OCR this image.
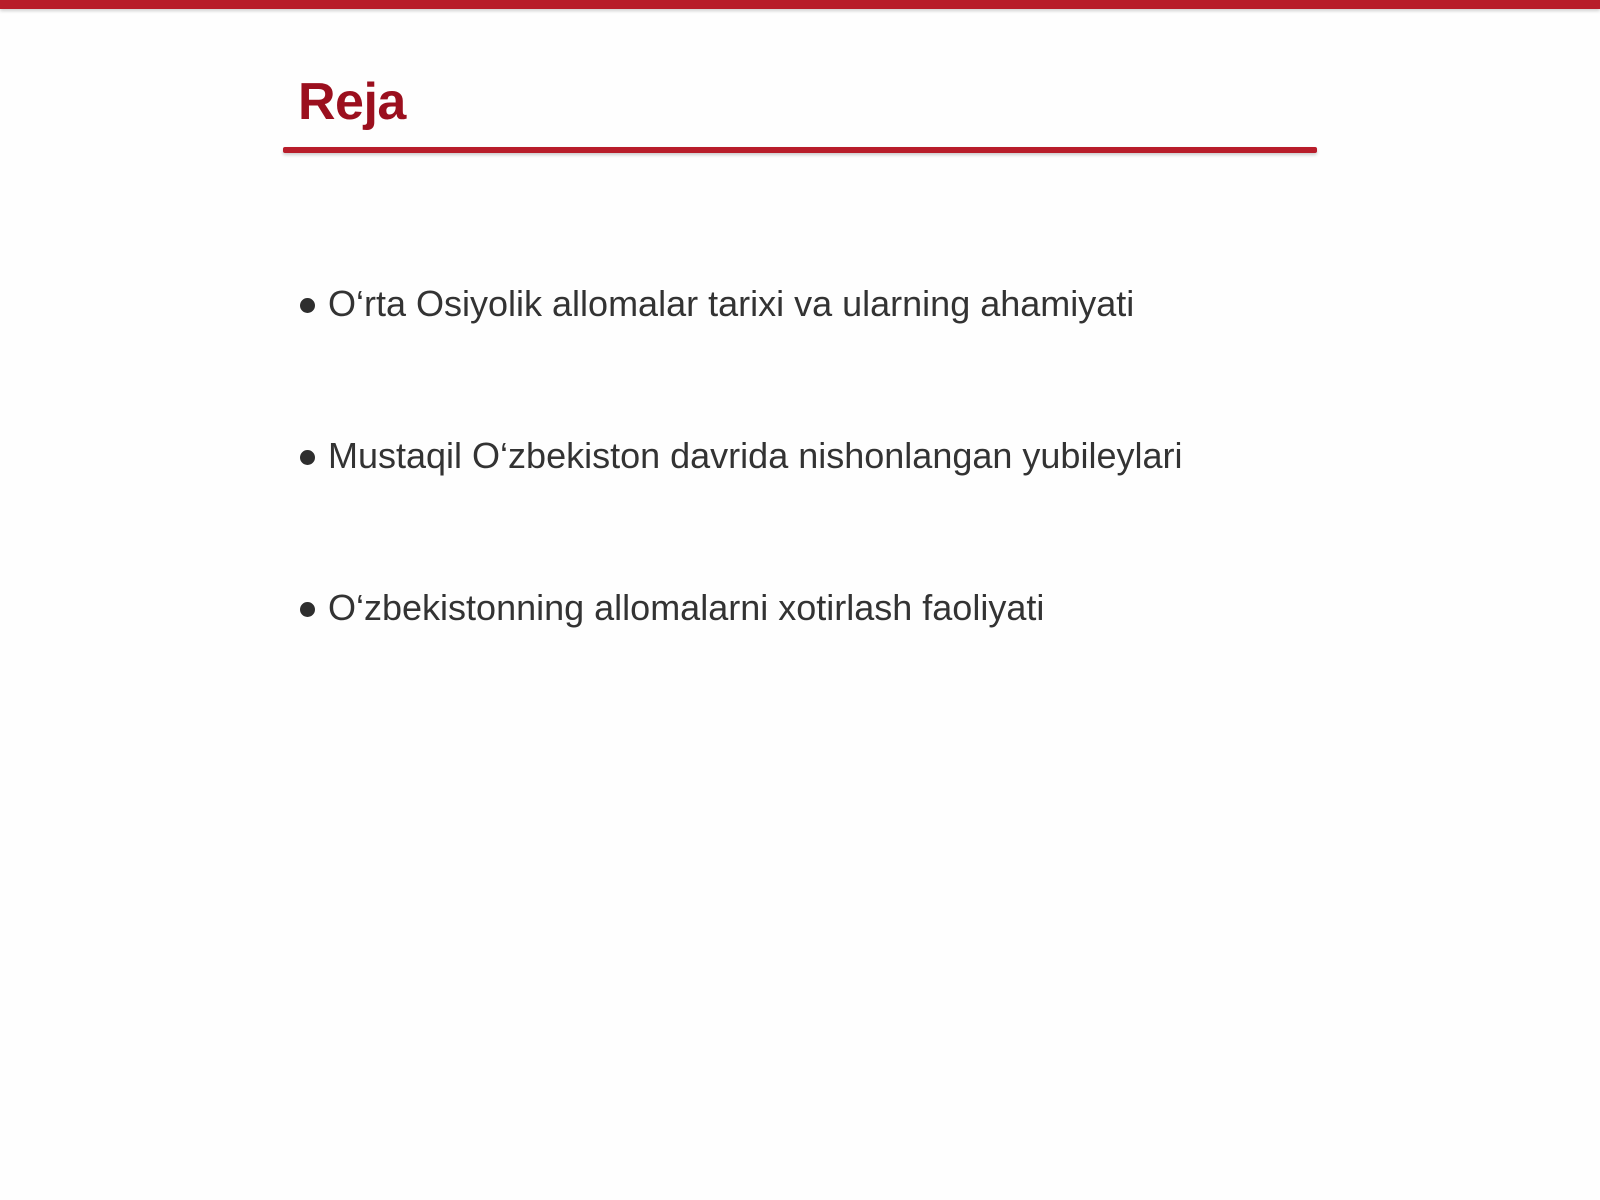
Reja
O‘rta Osiyolik allomalar tarixi va ularning ahamiyati
Mustaqil O‘zbekiston davrida nishonlangan yubileylari
O‘zbekistonning allomalarni xotirlash faoliyati
